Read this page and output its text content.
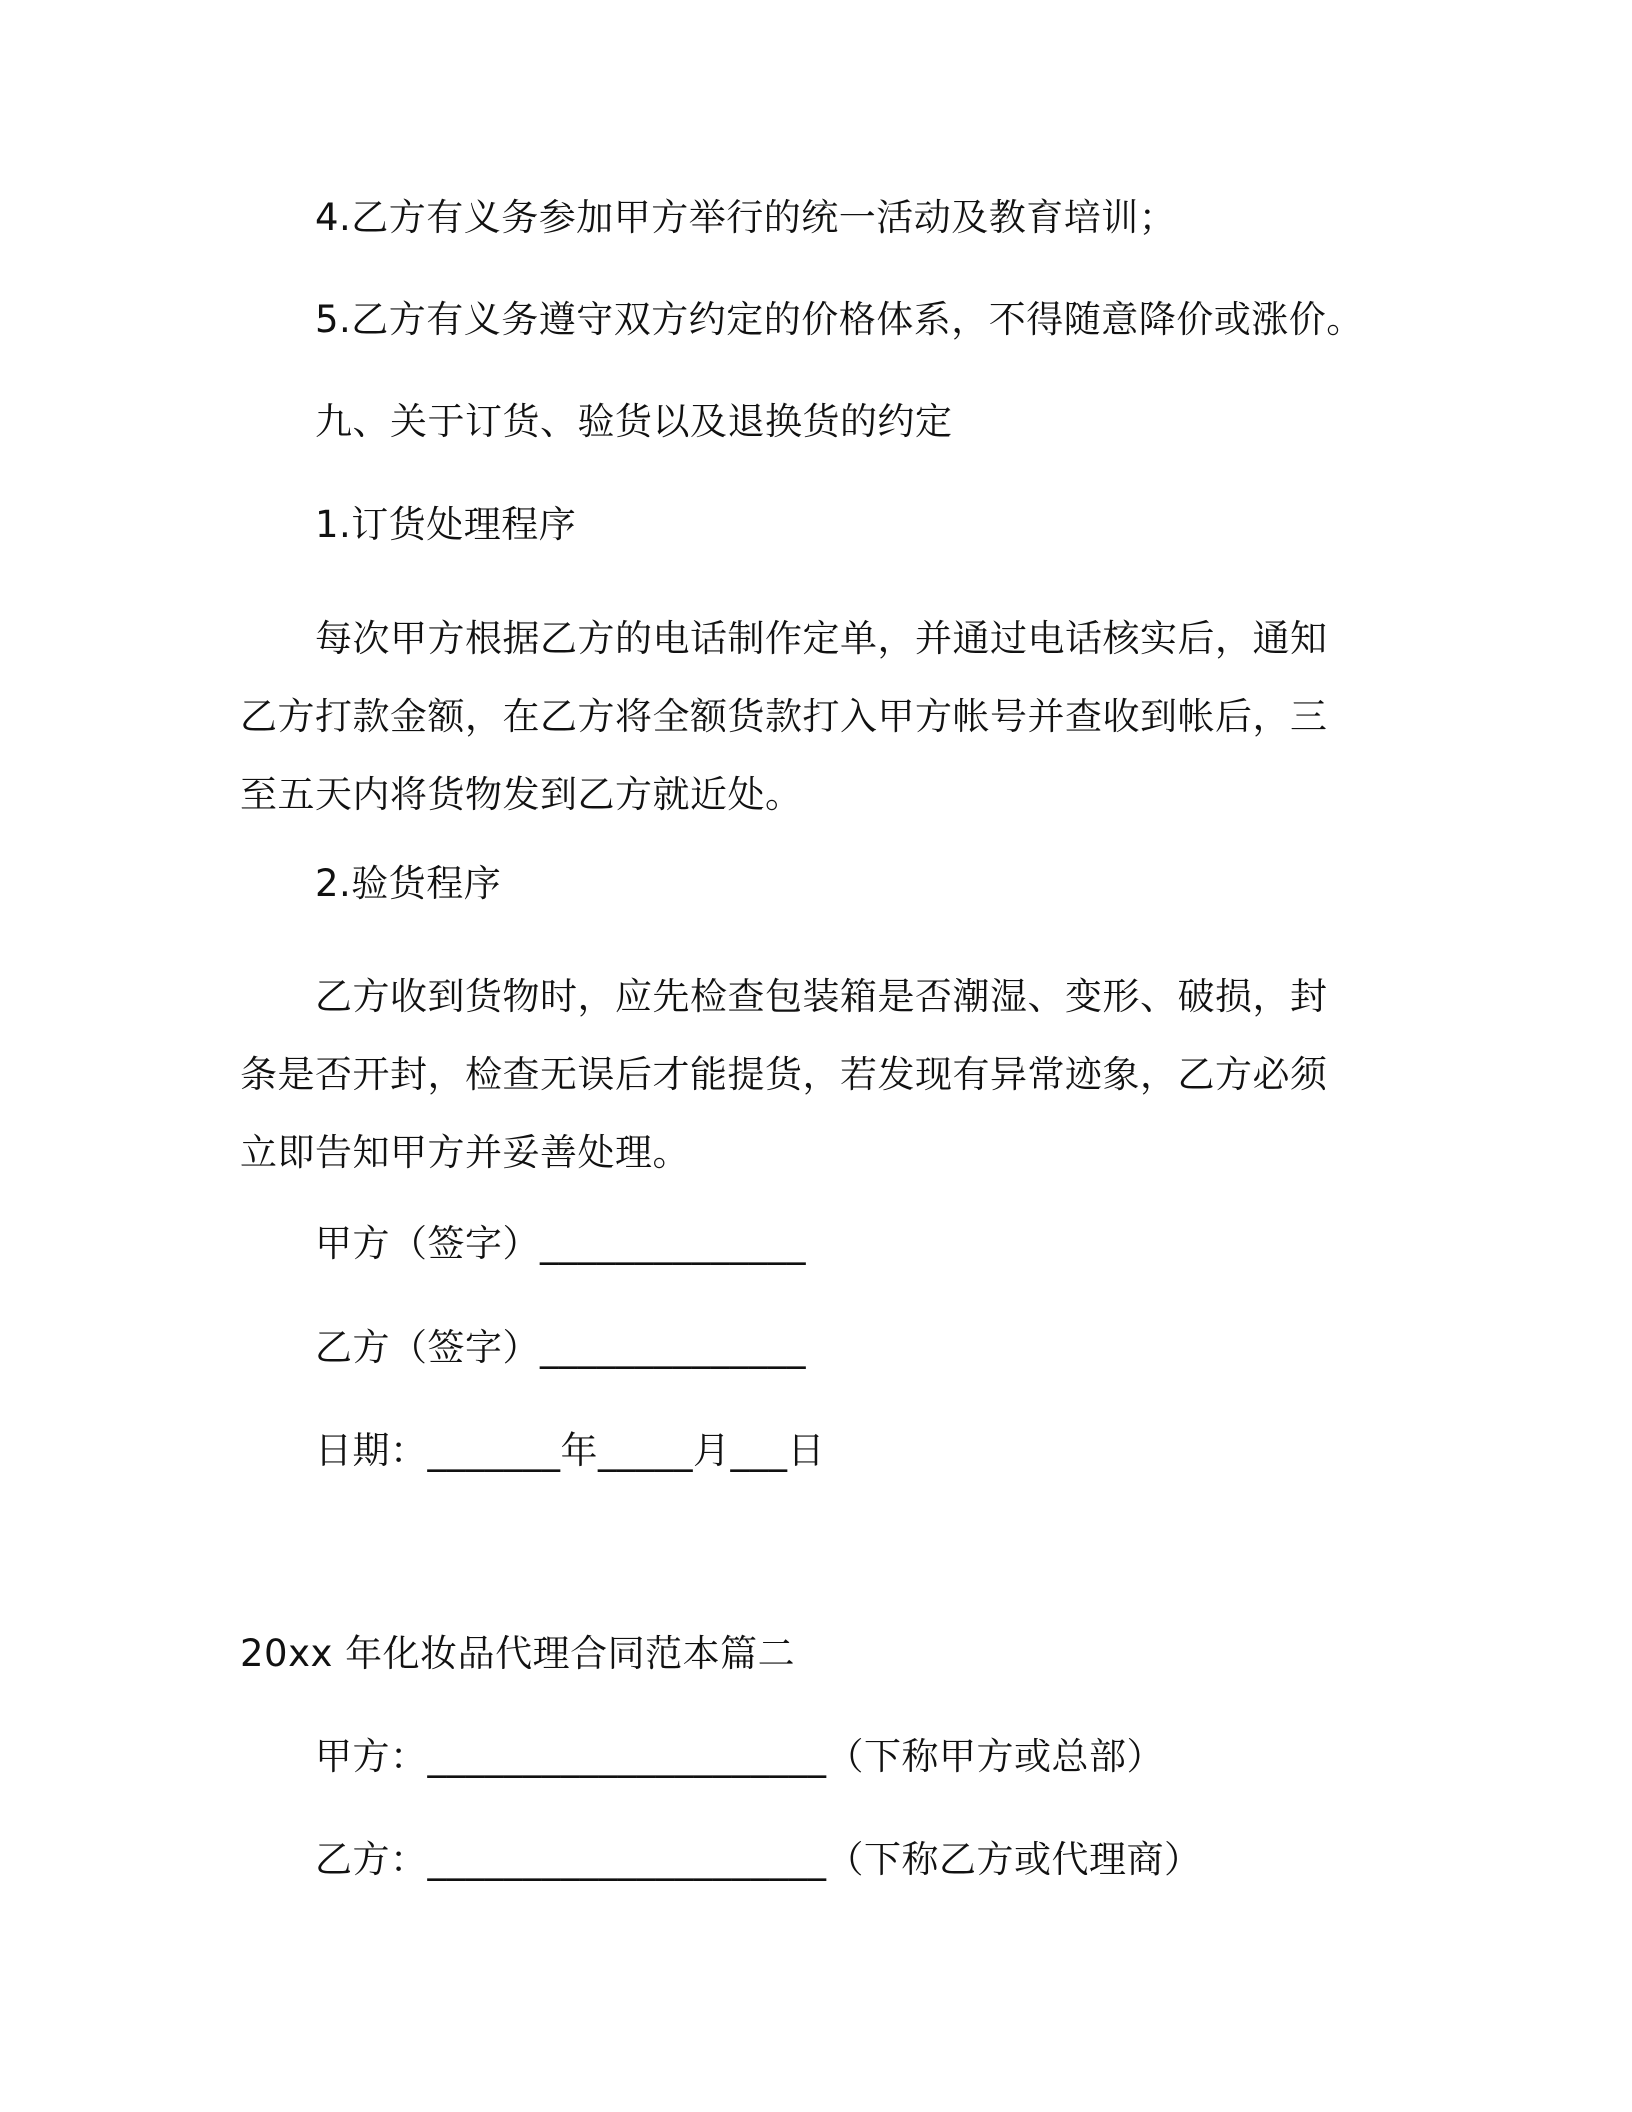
4.乙方有义务参加甲方举行的统一活动及教育培训；
5.乙方有义务遵守双方约定的价格体系，不得随意降价或涨价。
九、关于订货、验货以及退换货的约定
1.订货处理程序

每次甲方根据乙方的电话制作定单，并通过电话核实后，通知乙方打款金额，在乙方将全额货款打入甲方帐号并查收到帐后，三至五天内将货物发到乙方就近处。

2.验货程序

乙方收到货物时，应先检查包装箱是否潮湿、变形、破损，封条是否开封，检查无误后才能提货，若发现有异常迹象，乙方必须立即告知甲方并妥善处理。

甲方（签字）______________
乙方（签字）______________
日期：_______年_____月___日
20xx 年化妆品代理合同范本篇二
甲方：_____________________（下称甲方或总部）
乙方：_____________________（下称乙方或代理商）
